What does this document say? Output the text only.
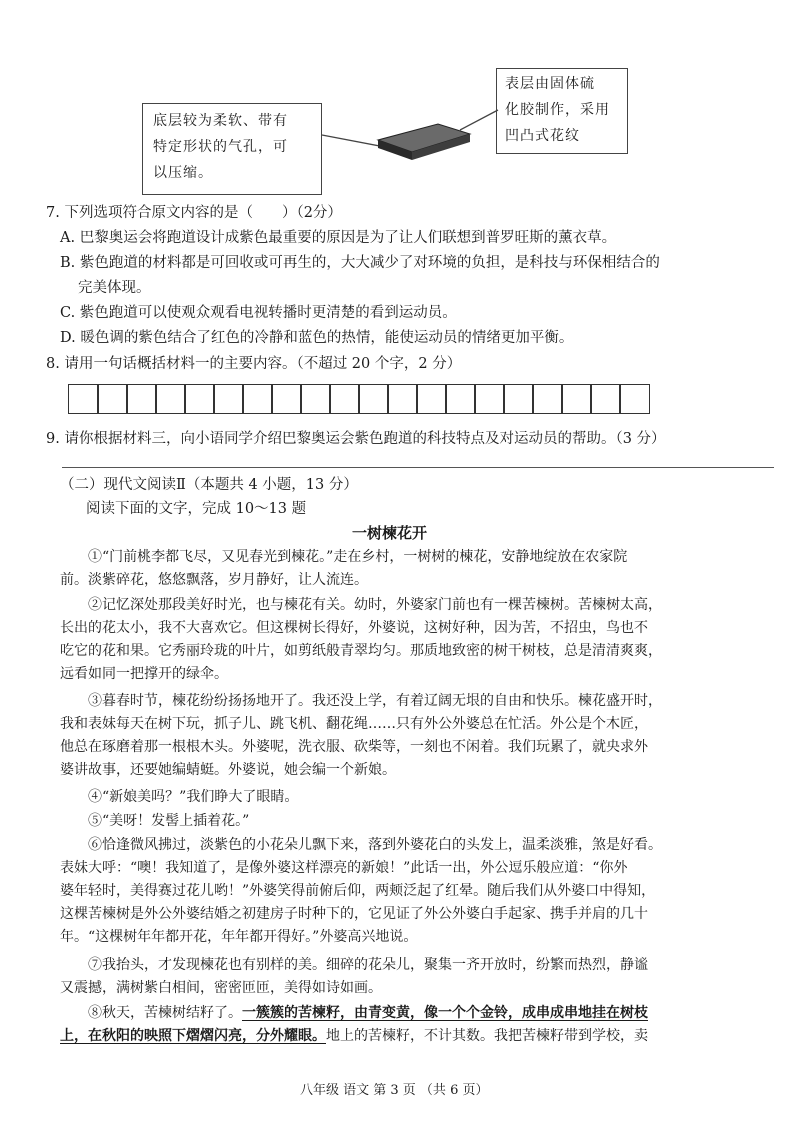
底层较为柔软、带有
特定形状的气孔，可
以压缩。
表层由固体硫
化胶制作，采用
凹凸式花纹
7. 下列选项符合原文内容的是（　　）（2分）
A. 巴黎奥运会将跑道设计成紫色最重要的原因是为了让人们联想到普罗旺斯的薰衣草。
B. 紫色跑道的材料都是可回收或可再生的，大大减少了对环境的负担，是科技与环保相结合的
完美体现。
C. 紫色跑道可以使观众观看电视转播时更清楚的看到运动员。
D. 暖色调的紫色结合了红色的冷静和蓝色的热情，能使运动员的情绪更加平衡。
8. 请用一句话概括材料一的主要内容。（不超过 20 个字，2 分）
9. 请你根据材料三，向小语同学介绍巴黎奥运会紫色跑道的科技特点及对运动员的帮助。（3 分）
（二）现代文阅读Ⅱ（本题共 4 小题，13 分）
阅读下面的文字，完成 10～13 题
一树楝花开
①“门前桃李都飞尽，又见春光到楝花。”走在乡村，一树树的楝花，安静地绽放在农家院
前。淡紫碎花，悠悠飘落，岁月静好，让人流连。
②记忆深处那段美好时光，也与楝花有关。幼时，外婆家门前也有一棵苦楝树。苦楝树太高，
长出的花太小，我不大喜欢它。但这棵树长得好，外婆说，这树好种，因为苦，不招虫，鸟也不
吃它的花和果。它秀丽玲珑的叶片，如剪纸般青翠均匀。那质地致密的树干树枝，总是清清爽爽，
远看如同一把撑开的绿伞。
③暮春时节，楝花纷纷扬扬地开了。我还没上学，有着辽阔无垠的自由和快乐。楝花盛开时，
我和表妹每天在树下玩，抓子儿、跳飞机、翻花绳……只有外公外婆总在忙活。外公是个木匠，
他总在琢磨着那一根根木头。外婆呢，洗衣服、砍柴等，一刻也不闲着。我们玩累了，就央求外
婆讲故事，还要她编蜻蜓。外婆说，她会编一个新娘。
④“新娘美吗？”我们睁大了眼睛。
⑤“美呀！发髻上插着花。”
⑥恰逢微风拂过，淡紫色的小花朵儿飘下来，落到外婆花白的头发上，温柔淡雅，煞是好看。
表妹大呼：“噢！我知道了，是像外婆这样漂亮的新娘！”此话一出，外公逗乐般应道：“你外
婆年轻时，美得赛过花儿哟！”外婆笑得前俯后仰，两颊泛起了红晕。随后我们从外婆口中得知，
这棵苦楝树是外公外婆结婚之初建房子时种下的，它见证了外公外婆白手起家、携手并肩的几十
年。“这棵树年年都开花，年年都开得好。”外婆高兴地说。
⑦我抬头，才发现楝花也有别样的美。细碎的花朵儿，聚集一齐开放时，纷繁而热烈，静谧
又震撼，满树紫白相间，密密匝匝，美得如诗如画。
⑧秋天，苦楝树结籽了。一簇簇的苦楝籽，由青变黄，像一个个金铃，成串成串地挂在树枝
上，在秋阳的映照下熠熠闪亮，分外耀眼。地上的苦楝籽，不计其数。我把苦楝籽带到学校，卖
八年级 语文 第 3 页 （共 6 页）
